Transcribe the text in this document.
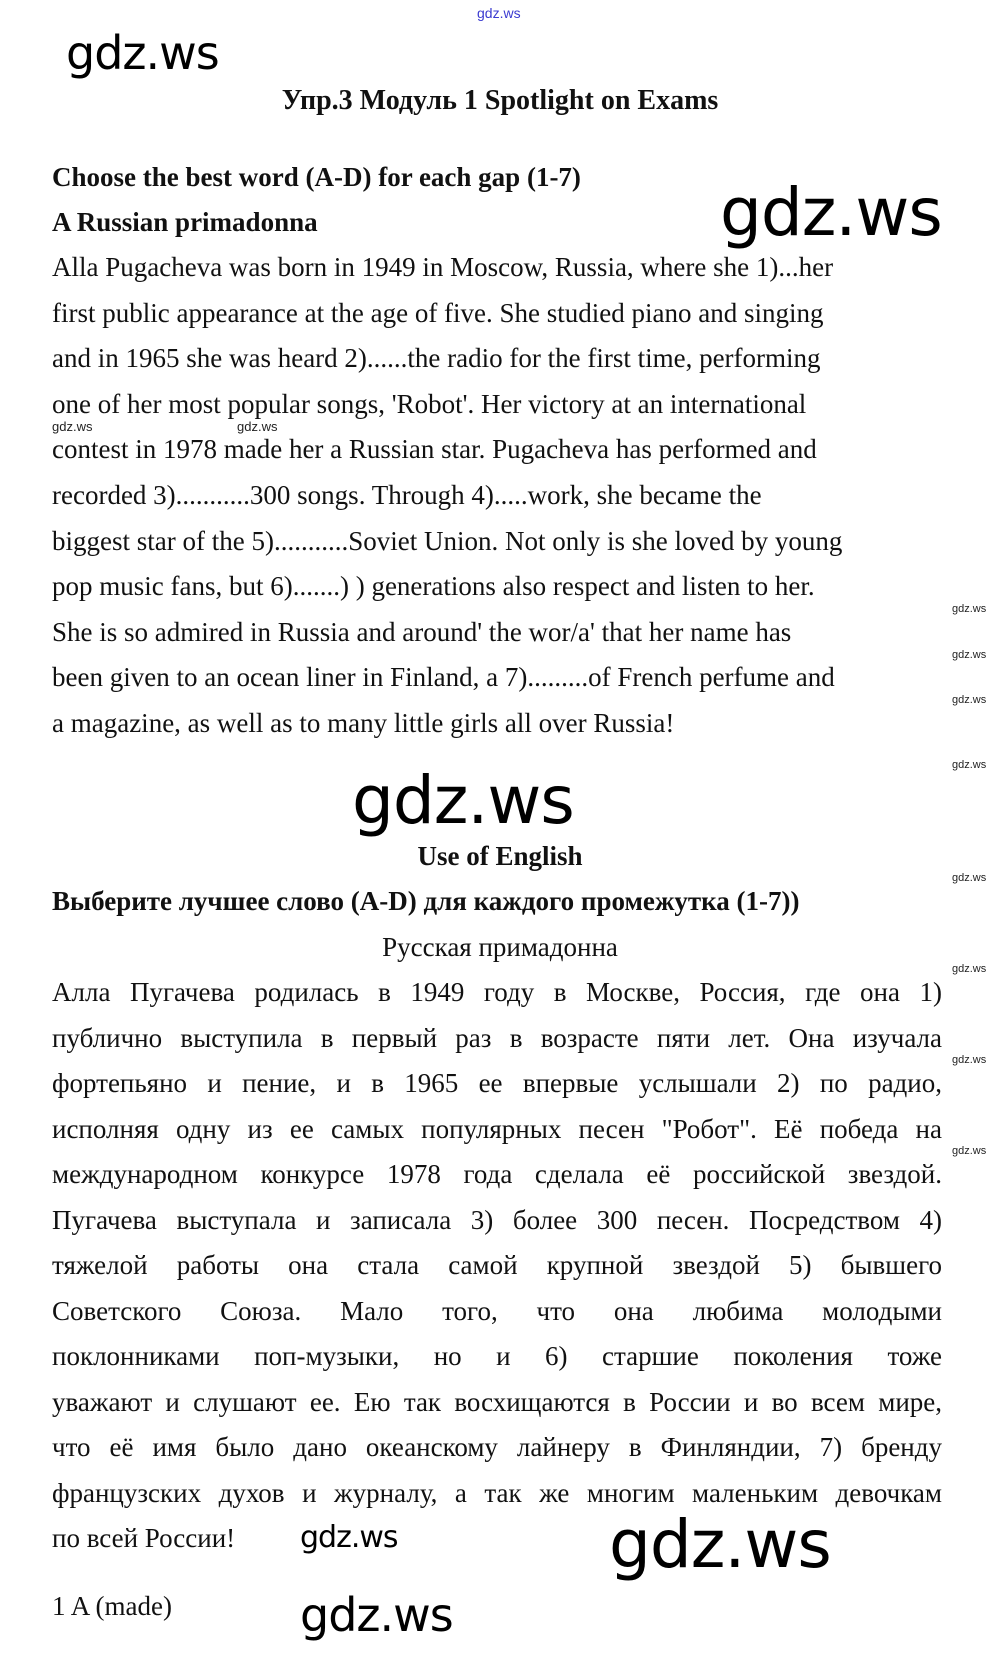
gdz.ws
Упр.3 Модуль 1 Spotlight on Exams
Choose the best word (A-D) for each gap (1-7)
A Russian primadonna
Alla Pugacheva was born in 1949 in Moscow, Russia, where she 1)...her
first public appearance at the age of five. She studied piano and singing
and in 1965 she was heard 2)......the radio for the first time, performing
one of her most popular songs, 'Robot'. Her victory at an international
contest in 1978 made her a Russian star. Pugacheva has performed and
recorded 3)...........300 songs. Through 4).....work, she became the
biggest star of the 5)...........Soviet Union. Not only is she loved by young
pop music fans, but 6).......) ) generations also respect and listen to her.
She is so admired in Russia and around' the wor/a' that her name has
been given to an ocean liner in Finland, a 7).........of French perfume and
a magazine, as well as to many little girls all over Russia!
Use of English
Выберите лучшее слово (A-D) для каждого промежутка (1-7))
Русская примадонна
Алла Пугачева родилась в 1949 году в Москве, Россия, где она 1)
публично выступила в первый раз в возрасте пяти лет. Она изучала
фортепьяно и пение, и в 1965 ее впервые услышали 2) по радио,
исполняя одну из ее самых популярных песен "Робот". Её победа на
международном конкурсе 1978 года сделала её российской звездой.
Пугачева выступала и записала 3) более 300 песен. Посредством 4)
тяжелой работы она стала самой крупной звездой 5) бывшего
Советского Союза. Мало того, что она любима молодыми
поклонниками поп-музыки, но и 6) старшие поколения тоже
уважают и слушают ее. Ею так восхищаются в России и во всем мире,
что её имя было дано океанскому лайнеру в Финляндии, 7) бренду
французских духов и журналу, а так же многим маленьким девочкам
по всей России!
1 A (made)
gdz.ws
gdz.ws
gdz.ws
gdz.ws	gdz.ws
gdz.ws
gdz.ws	gdz.ws
gdz.ws
gdz.ws
gdz.ws
gdz.ws
gdz.ws
gdz.ws
gdz.ws
gdz.ws
